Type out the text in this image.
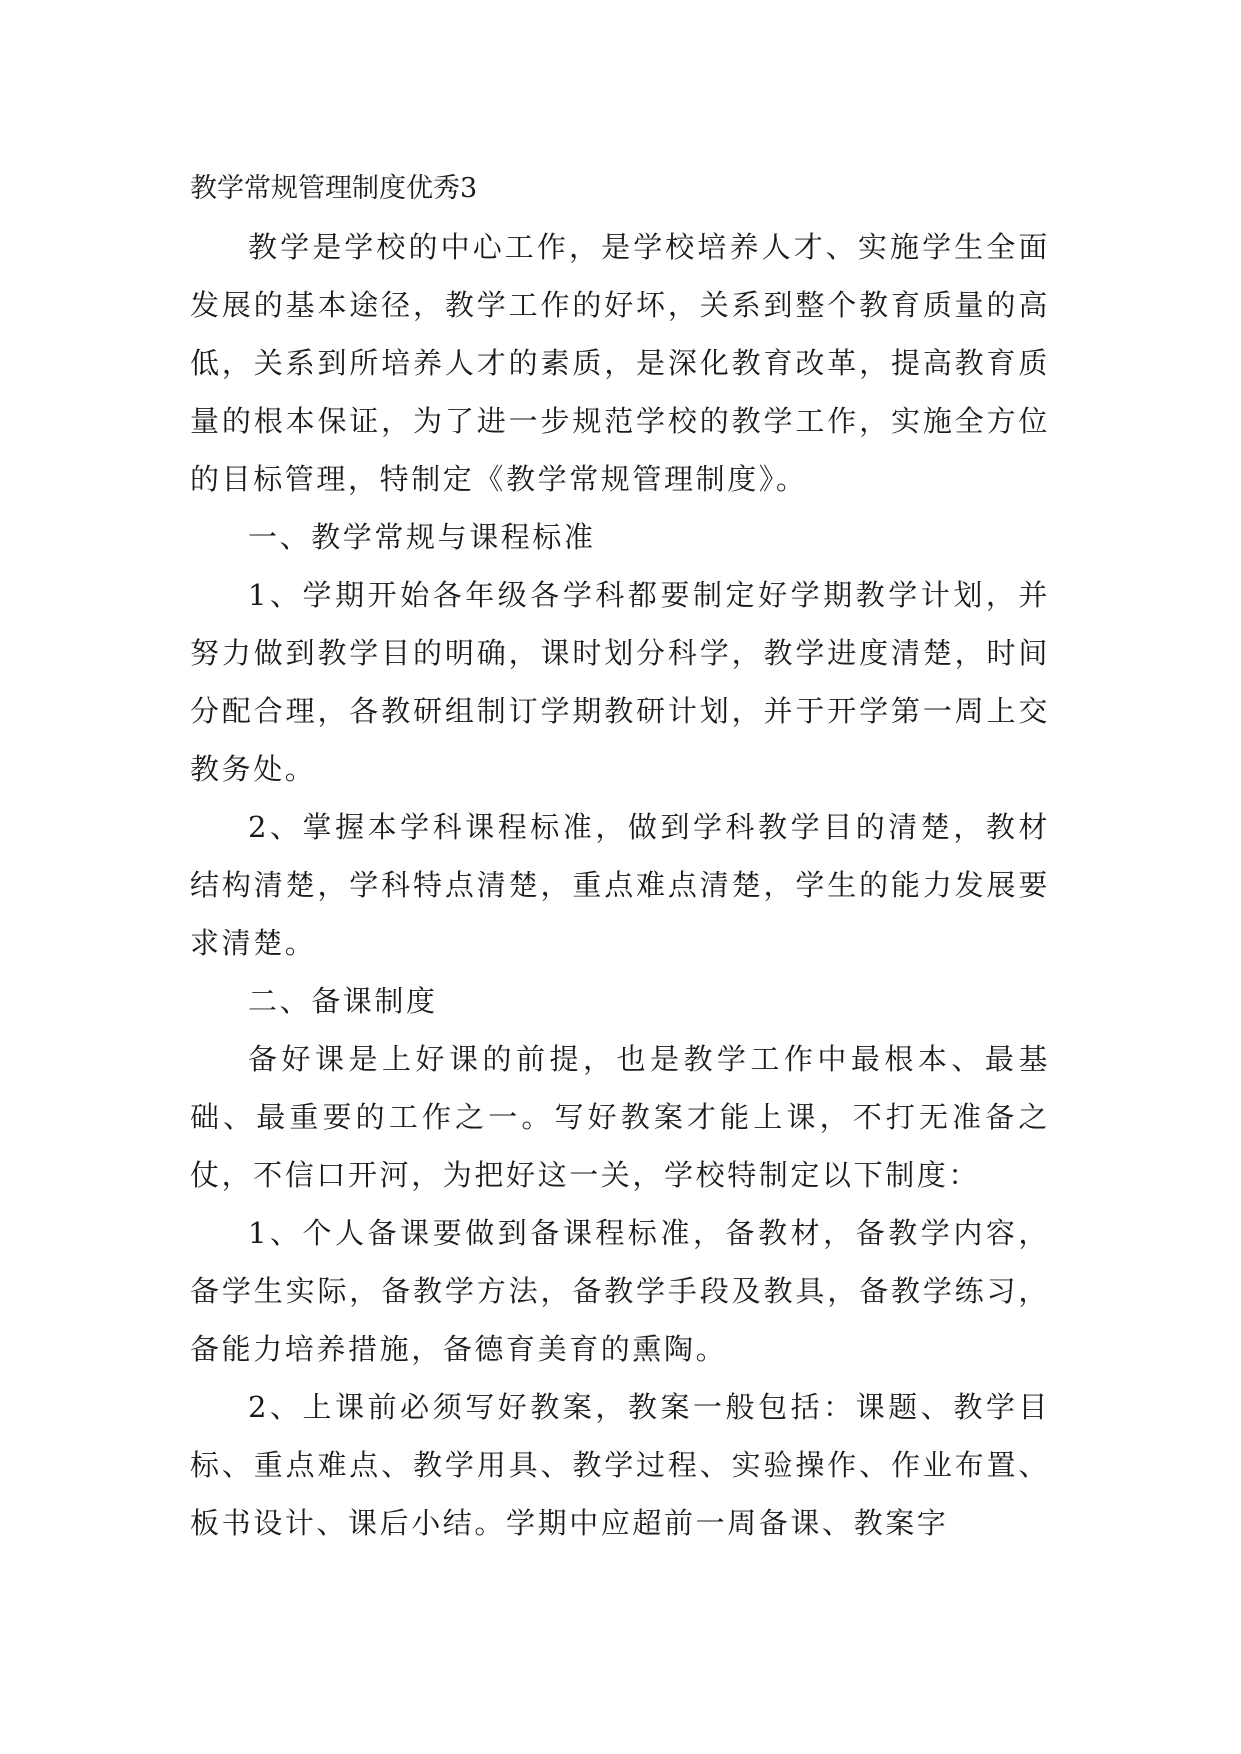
教学常规管理制度优秀3

教学是学校的中心工作，是学校培养人才、实施学生全面发展的基本途径，教学工作的好坏，关系到整个教育质量的高低，关系到所培养人才的素质，是深化教育改革，提高教育质量的根本保证，为了进一步规范学校的教学工作，实施全方位的目标管理，特制定《教学常规管理制度》。

一、教学常规与课程标准

1、学期开始各年级各学科都要制定好学期教学计划，并努力做到教学目的明确，课时划分科学，教学进度清楚，时间分配合理，各教研组制订学期教研计划，并于开学第一周上交教务处。

2、掌握本学科课程标准，做到学科教学目的清楚，教材结构清楚，学科特点清楚，重点难点清楚，学生的能力发展要求清楚。

二、备课制度

备好课是上好课的前提，也是教学工作中最根本、最基础、最重要的工作之一。写好教案才能上课，不打无准备之仗，不信口开河，为把好这一关，学校特制定以下制度：

1、个人备课要做到备课程标准，备教材，备教学内容，备学生实际，备教学方法，备教学手段及教具，备教学练习，备能力培养措施，备德育美育的熏陶。

2、上课前必须写好教案，教案一般包括：课题、教学目标、重点难点、教学用具、教学过程、实验操作、作业布置、板书设计、课后小结。学期中应超前一周备课、教案字
